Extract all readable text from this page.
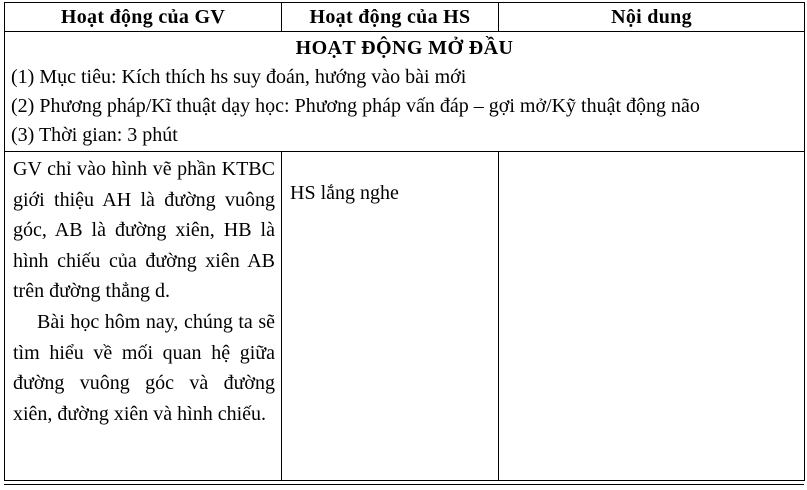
Hoạt động của GV	Hoạt động của HS	Nội dung

HOẠT ĐỘNG MỞ ĐẦU
(1) Mục tiêu: Kích thích hs suy đoán, hướng vào bài mới
(2) Phương pháp/Kĩ thuật dạy học: Phương pháp vấn đáp – gợi mở/Kỹ thuật động não
(3) Thời gian: 3 phút		

GV chỉ vào hình vẽ phần KTBC giới thiệu AH là đường vuông góc, AB là đường xiên, HB là hình chiếu của đường xiên AB trên đường thẳng d.

Bài học hôm nay, chúng ta sẽ tìm hiểu về mối quan hệ giữa đường vuông góc và đường xiên, đường xiên và hình chiếu.	HS lắng nghe	
